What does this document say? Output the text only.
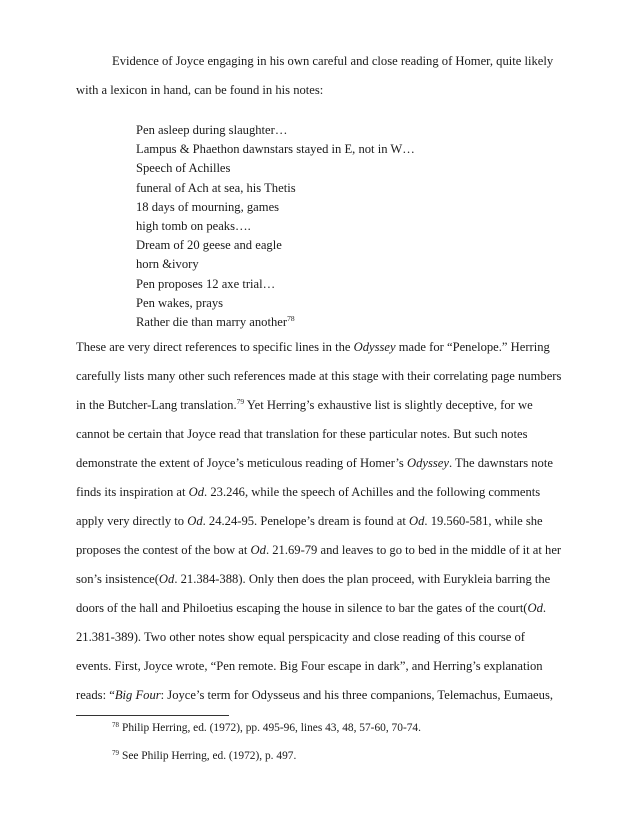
Evidence of Joyce engaging in his own careful and close reading of Homer, quite likely
with a lexicon in hand, can be found in his notes:

Pen asleep during slaughter…
Lampus & Phaethon dawnstars stayed in E, not in W…
Speech of Achilles
funeral of Ach at sea, his Thetis
18 days of mourning, games
high tomb on peaks….
Dream of 20 geese and eagle
horn &ivory
Pen proposes 12 axe trial…
Pen wakes, prays
Rather die than marry another$^{78}$

These are very direct references to specific lines in the Odyssey made for “Penelope.” Herring
carefully lists many other such references made at this stage with their correlating page numbers
in the Butcher-Lang translation.$^{79}$ Yet Herring’s exhaustive list is slightly deceptive, for we
cannot be certain that Joyce read that translation for these particular notes. But such notes
demonstrate the extent of Joyce’s meticulous reading of Homer’s Odyssey. The dawnstars note
finds its inspiration at Od. 23.246, while the speech of Achilles and the following comments
apply very directly to Od. 24.24-95. Penelope’s dream is found at Od. 19.560-581, while she
proposes the contest of the bow at Od. 21.69-79 and leaves to go to bed in the middle of it at her
son’s insistence(Od. 21.384-388). Only then does the plan proceed, with Eurykleia barring the
doors of the hall and Philoetius escaping the house in silence to bar the gates of the court(Od.
21.381-389). Two other notes show equal perspicacity and close reading of this course of
events. First, Joyce wrote, “Pen remote. Big Four escape in dark”, and Herring’s explanation
reads: “Big Four: Joyce’s term for Odysseus and his three companions, Telemachus, Eumaeus,

$^{78}$ Philip Herring, ed. (1972), pp. 495-96, lines 43, 48, 57-60, 70-74.
$^{79}$ See Philip Herring, ed. (1972), p. 497.
